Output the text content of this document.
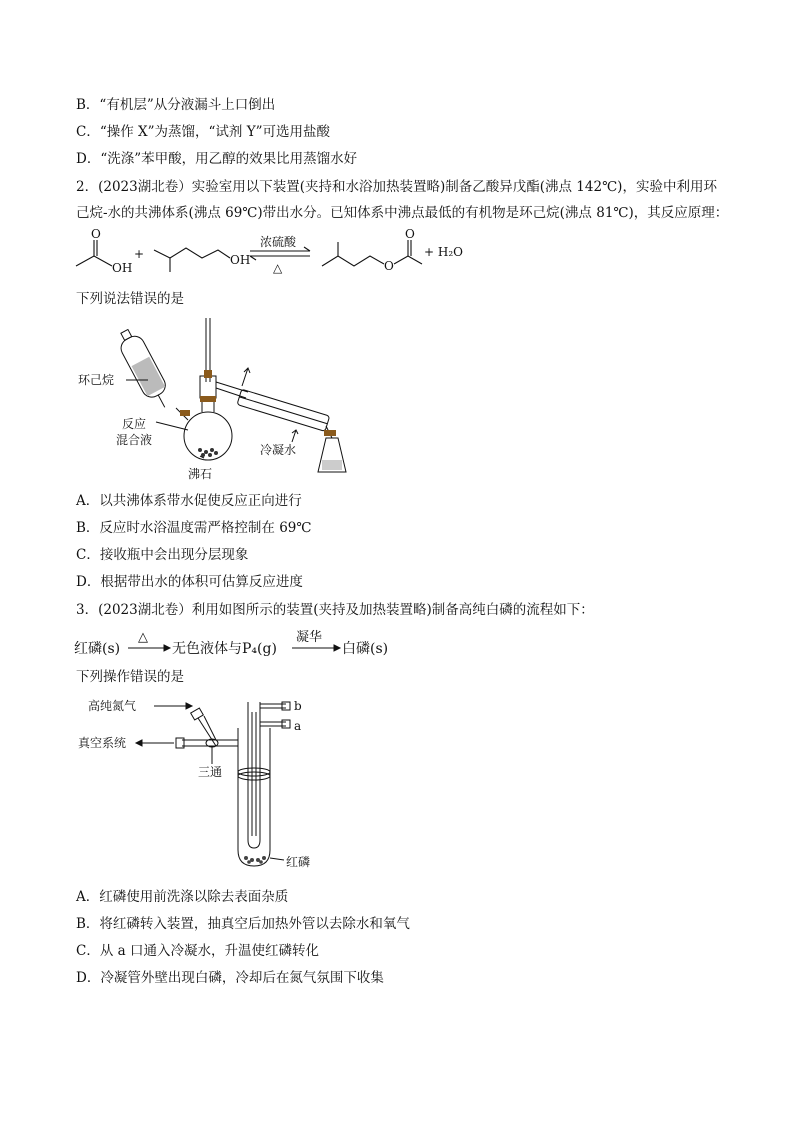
B．“有机层”从分液漏斗上口倒出
C．“操作 X”为蒸馏，“试剂 Y”可选用盐酸
D．“洗涤”苯甲酸，用乙醇的效果比用蒸馏水好
2．(2023湖北卷）实验室用以下装置(夹持和水浴加热装置略)制备乙酸异戊酯(沸点 142℃)，实验中利用环
己烷-水的共沸体系(沸点 69℃)带出水分。已知体系中沸点最低的有机物是环己烷(沸点 81℃)，其反应原理：
O
OH
+	OH
浓硫酸
△	O
O
+ H₂O
下列说法错误的是
环己烷
反应
混合液
沸石
冷凝水
A．以共沸体系带水促使反应正向进行
B．反应时水浴温度需严格控制在 69℃
C．接收瓶中会出现分层现象
D．根据带出水的体积可估算反应进度
3．(2023湖北卷）利用如图所示的装置(夹持及加热装置略)制备高纯白磷的流程如下：
红磷(s)
△
无色液体与P₄(g)
凝华
白磷(s)
下列操作错误的是
高纯氮气
真空系统
三通
b
a
红磷
A．红磷使用前洗涤以除去表面杂质
B．将红磷转入装置，抽真空后加热外管以去除水和氧气
C．从 a 口通入冷凝水，升温使红磷转化
D．冷凝管外壁出现白磷，冷却后在氮气氛围下收集
